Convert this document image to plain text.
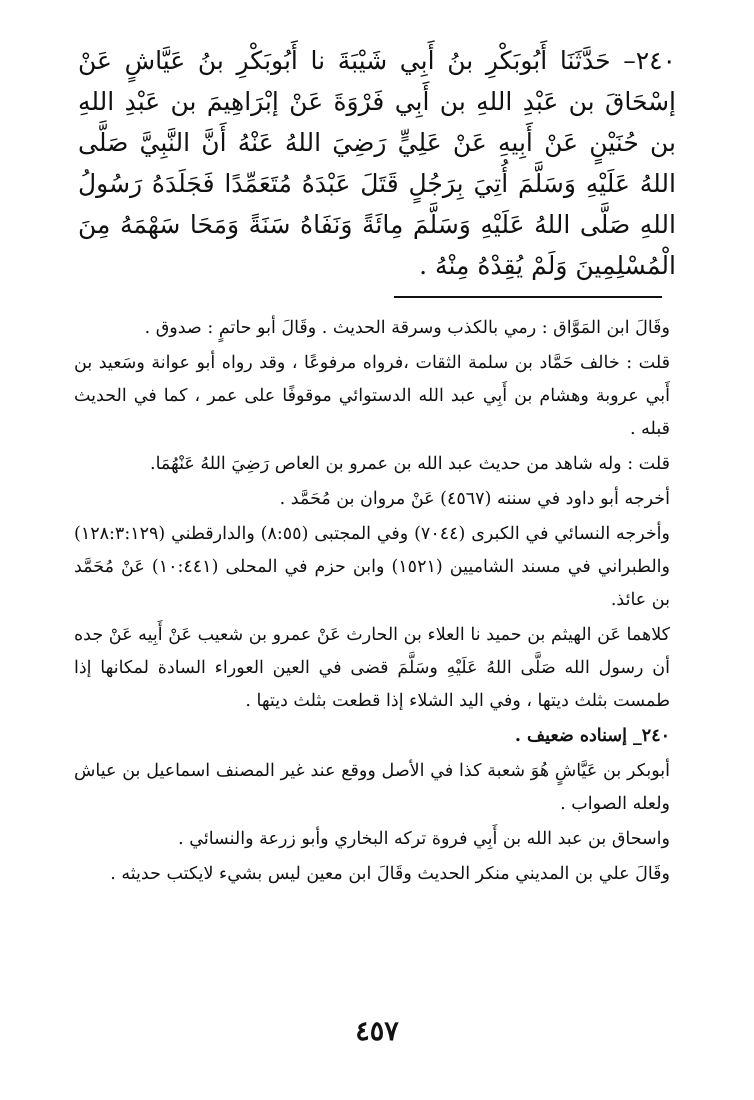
٢٤٠– حَدَّثَنَا أَبُوبَكْرِ بنُ أَبِي شَيْبَةَ نا أَبُوبَكْرِ بنُ عَيَّاشٍ عَنْ إسْحَاقَ بن عَبْدِ اللهِ بن أَبِي فَرْوَةَ عَنْ إبْرَاهِيمَ بن عَبْدِ اللهِ بن حُنَيْنٍ عَنْ أَبِيهِ عَنْ عَلِيٍّ رَضِيَ اللهُ عَنْهُ أَنَّ النَّبِيَّ صَلَّى اللهُ عَلَيْهِ وَسَلَّمَ أُتِيَ بِرَجُلٍ قَتَلَ عَبْدَهُ مُتَعَمِّدًا فَجَلَدَهُ رَسُولُ اللهِ صَلَّى اللهُ عَلَيْهِ وَسَلَّمَ مِائَةً وَنَفَاهُ سَنَةً وَمَحَا سَهْمَهُ مِنَ الْمُسْلِمِينَ وَلَمْ يُقِدْهُ مِنْهُ .

وقَالَ ابن المَوَّاق : رمي بالكذب وسرقة الحديث . وقَالَ أبو حاتمٍ : صدوق .

قلت : خالف حَمَّاد بن سلمة الثقات ،فرواه مرفوعًا ، وقد رواه أبو عوانة وسَعيد بن أَبي عروبة وهشام بن أَبِي عبد الله الدستوائي موقوفًا على عمر ، كما في الحديث قبله .

قلت : وله شاهد من حديث عبد الله بن عمرو بن العاص رَضِيَ اللهُ عَنْهُمَا.

أخرجه أبو داود في سننه (٤٥٦٧) عَنْ مروان بن مُحَمَّد .

وأخرجه النسائي في الكبرى (٧٠٤٤) وفي المجتبى (٨:٥٥) والدارقطني (١٢٨:٣:١٢٩) والطبراني في مسند الشاميين (١٥٢١) وابن حزم في المحلى (١٠:٤٤١) عَنْ مُحَمَّد بن عائذ.

كلاهما عَن الهيثم بن حميد نا العلاء بن الحارث عَنْ عمرو بن شعيب عَنْ أَبِيه عَنْ جده أن رسول الله صَلَّى اللهُ عَلَيْهِ وسَلَّمَ قضى في العين العوراء السادة لمكانها إذا طمست بثلث ديتها ، وفي اليد الشلاء إذا قطعت بثلث ديتها .

٢٤٠_ إسناده ضعيف .

أبوبكر بن عَيَّاشٍ هُوَ شعبة كذا في الأصل ووقع عند غير المصنف اسماعيل بن عياش ولعله الصواب .

واسحاق بن عبد الله بن أَبِي فروة تركه البخاري وأبو زرعة والنسائي .

وقَالَ علي بن المديني منكر الحديث وقَالَ ابن معين ليس بشيء لايكتب حديثه .

٤٥٧
